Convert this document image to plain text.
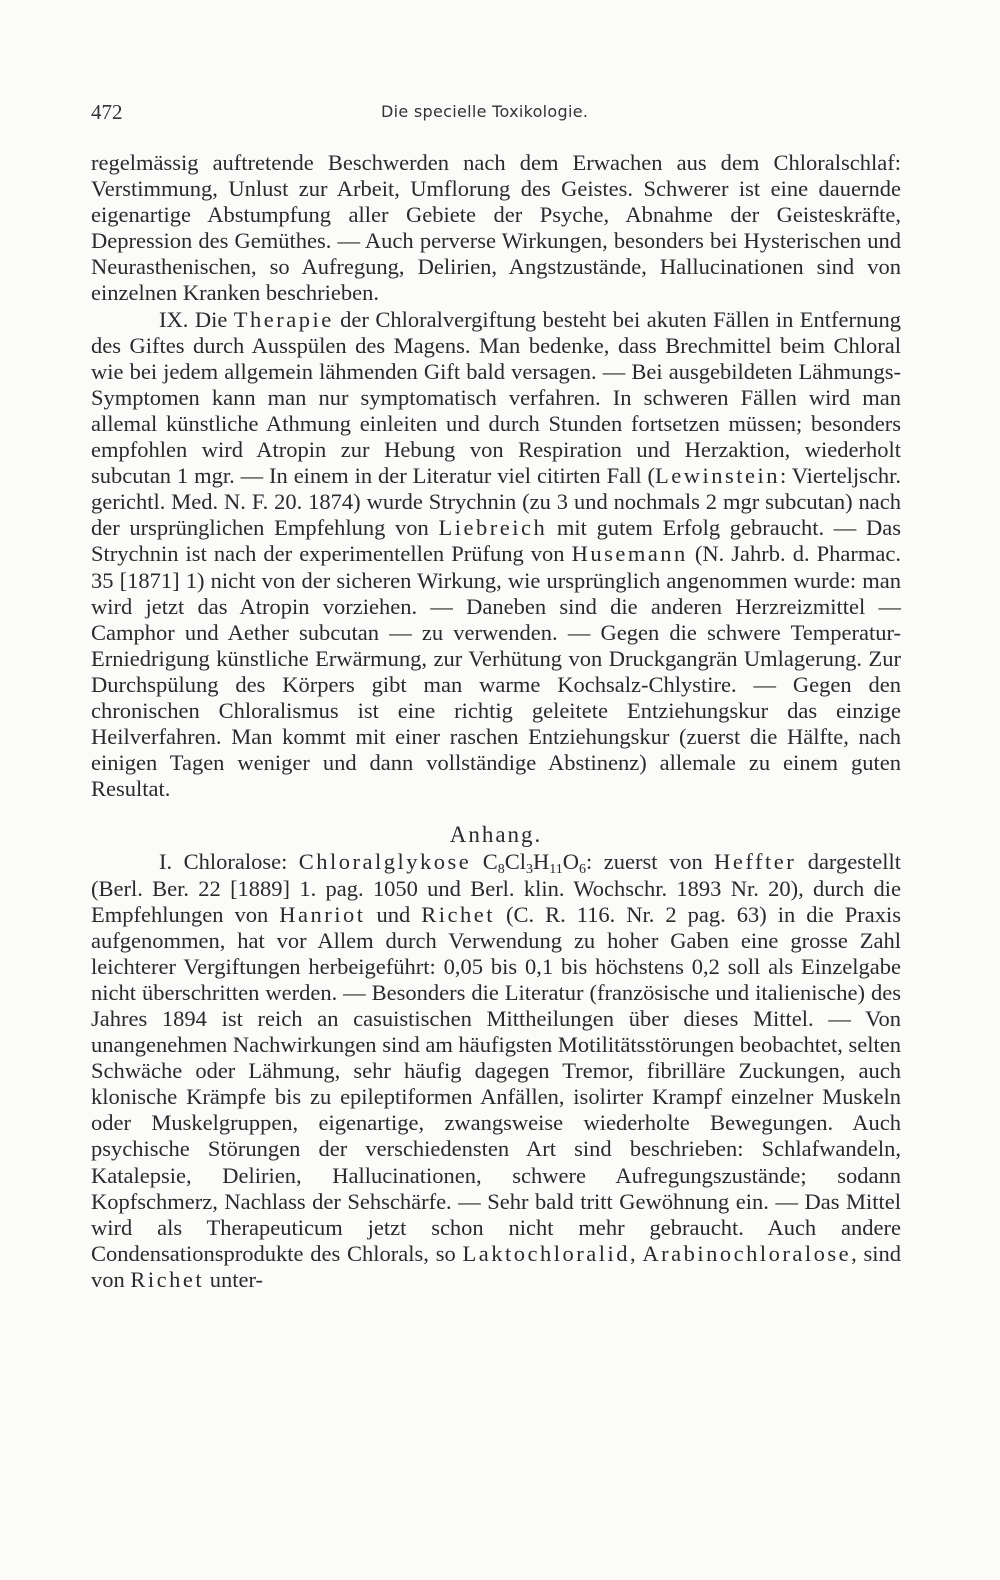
472	Die specielle Toxikologie.

regelmässig auftretende Beschwerden nach dem Erwachen aus dem Chloralschlaf: Verstimmung, Unlust zur Arbeit, Umflorung des Geistes. Schwerer ist eine dauernde eigenartige Abstumpfung aller Gebiete der Psyche, Abnahme der Geisteskräfte, Depression des Gemüthes. — Auch perverse Wirkungen, besonders bei Hysterischen und Neurasthenischen, so Aufregung, Delirien, Angstzustände, Hallucinationen sind von einzelnen Kranken beschrieben.

IX. Die Therapie der Chloralvergiftung besteht bei akuten Fällen in Entfernung des Giftes durch Ausspülen des Magens. Man bedenke, dass Brechmittel beim Chloral wie bei jedem allgemein lähmenden Gift bald versagen. — Bei ausgebildeten Lähmungs-Symptomen kann man nur symptomatisch verfahren. In schweren Fällen wird man allemal künstliche Athmung einleiten und durch Stunden fortsetzen müssen; besonders empfohlen wird Atropin zur Hebung von Respiration und Herzaktion, wiederholt subcutan 1 mgr. — In einem in der Literatur viel citirten Fall (Lewinstein: Vierteljschr. gerichtl. Med. N. F. 20. 1874) wurde Strychnin (zu 3 und nochmals 2 mgr subcutan) nach der ursprünglichen Empfehlung von Liebreich mit gutem Erfolg gebraucht. — Das Strychnin ist nach der experimentellen Prüfung von Husemann (N. Jahrb. d. Pharmac. 35 [1871] 1) nicht von der sicheren Wirkung, wie ursprünglich angenommen wurde: man wird jetzt das Atropin vorziehen. — Daneben sind die anderen Herzreizmittel — Camphor und Aether subcutan — zu verwenden. — Gegen die schwere Temperatur-Erniedrigung künstliche Erwärmung, zur Verhütung von Druckgangrän Umlagerung. Zur Durchspülung des Körpers gibt man warme Kochsalz-Chlystire. — Gegen den chronischen Chloralismus ist eine richtig geleitete Entziehungskur das einzige Heilverfahren. Man kommt mit einer raschen Entziehungskur (zuerst die Hälfte, nach einigen Tagen weniger und dann vollständige Abstinenz) allemale zu einem guten Resultat.

Anhang.

I. Chloralose: Chloralglykose $C_8Cl_3H_{11}O_6$: zuerst von Heffter dargestellt (Berl. Ber. 22 [1889] 1. pag. 1050 und Berl. klin. Wochschr. 1893 Nr. 20), durch die Empfehlungen von Hanriot und Richet (C. R. 116. Nr. 2 pag. 63) in die Praxis aufgenommen, hat vor Allem durch Verwendung zu hoher Gaben eine grosse Zahl leichterer Vergiftungen herbeigeführt: 0,05 bis 0,1 bis höchstens 0,2 soll als Einzelgabe nicht überschritten werden. — Besonders die Literatur (französische und italienische) des Jahres 1894 ist reich an casuistischen Mittheilungen über dieses Mittel. — Von unangenehmen Nachwirkungen sind am häufigsten Motilitätsstörungen beobachtet, selten Schwäche oder Lähmung, sehr häufig dagegen Tremor, fibrilläre Zuckungen, auch klonische Krämpfe bis zu epileptiformen Anfällen, isolirter Krampf einzelner Muskeln oder Muskelgruppen, eigenartige, zwangsweise wiederholte Bewegungen. Auch psychische Störungen der verschiedensten Art sind beschrieben: Schlafwandeln, Katalepsie, Delirien, Hallucinationen, schwere Aufregungszustände; sodann Kopfschmerz, Nachlass der Sehschärfe. — Sehr bald tritt Gewöhnung ein. — Das Mittel wird als Therapeuticum jetzt schon nicht mehr gebraucht. Auch andere Condensationsprodukte des Chlorals, so Laktochloralid, Arabinochloralose, sind von Richet unter-
